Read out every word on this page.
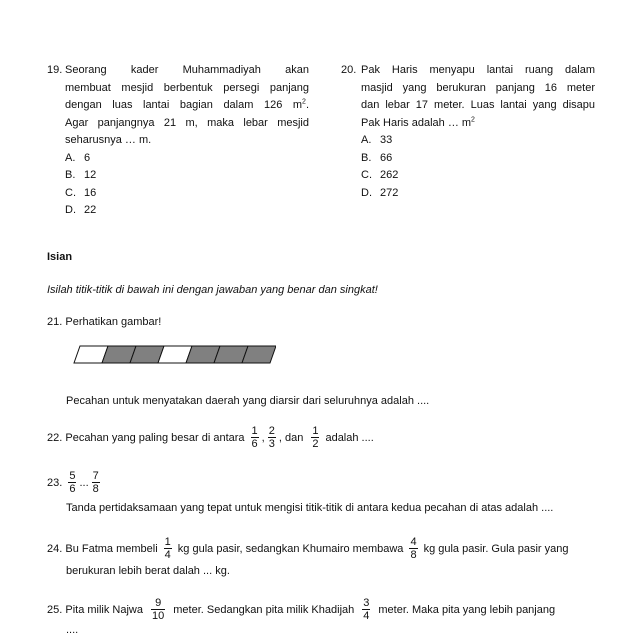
19. Seorang kader Muhammadiyah akan
membuat mesjid berbentuk persegi panjang
dengan luas lantai bagian dalam 126 $m^2$.
Agar panjangnya 21 m, maka lebar mesjid
seharusnya … m.
A. 6
B. 12
C. 16
D. 22
20. Pak Haris menyapu lantai ruang dalam
masjid yang berukuran panjang 16 meter
dan lebar 17 meter. Luas lantai yang disapu
Pak Haris adalah … $m^2$
A. 33
B. 66
C. 262
D. 272
Isian
Isilah titik-titik di bawah ini dengan jawaban yang benar dan singkat!
21. Perhatikan gambar!
Pecahan untuk menyatakan daerah yang diarsir dari seluruhnya adalah ....
22.
Pecahan yang paling besar di antara $\frac{1}{6}$ , $\frac{2}{3}$ , dan $\frac{1}{2}$ adalah ....
23.
$\frac{5}{6}$ ... $\frac{7}{8}$
Tanda pertidaksamaan yang tepat untuk mengisi titik-titik di antara kedua pecahan di atas adalah ....
24.
Bu Fatma membeli $\frac{1}{4}$ kg gula pasir, sedangkan Khumairo membawa $\frac{4}{8}$ kg gula pasir. Gula pasir yang
berukuran lebih berat dalah ... kg.
25.
Pita milik Najwa $\frac{9}{10}$ meter. Sedangkan pita milik Khadijah $\frac{3}{4}$ meter. Maka pita yang lebih panjang
....
